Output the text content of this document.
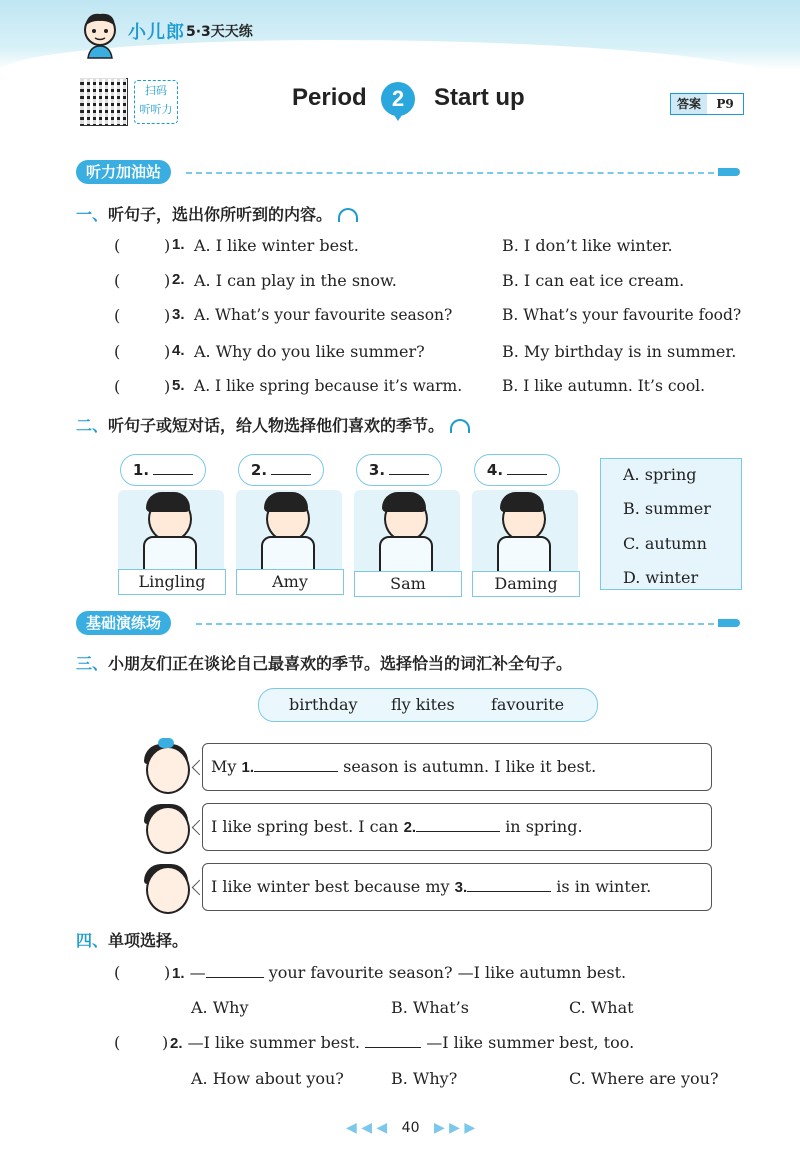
小儿郎 5·3天天练
扫码
听听力	Period	2	Start up	答案	P9
听力加油站
一、听句子，选出你所听到的内容。
(	) 1. A. I like winter best.	B. I don’t like winter.
(	) 2. A. I can play in the snow.	B. I can eat ice cream.
(	) 3. A. What’s your favourite season?	B. What’s your favourite food?
(	) 4. A. Why do you like summer?	B. My birthday is in summer.
(	) 5. A. I like spring because it’s warm.	B. I like autumn. It’s cool.
二、听句子或短对话，给人物选择他们喜欢的季节。
1.
Lingling
2.
Amy
3.
Sam
4.
Daming
A. spring
B. summer
C. autumn
D. winter
基础演练场
三、小朋友们正在谈论自己最喜欢的季节。选择恰当的词汇补全句子。
birthday fly kites favourite
My 1.	season is autumn. I like it best.
I like spring best. I can 2.	in spring.
I like winter best because my 3.	is in winter.
四、单项选择。
(	) 1. —	your favourite season? —I like autumn best.
A. Why	B. What’s	C. What
(	) 2. —I like summer best.	—I like summer best, too.
A. How about you?	B. Why?	C. Where are you?
◀ ◀ ◀ 40 ▶ ▶ ▶
